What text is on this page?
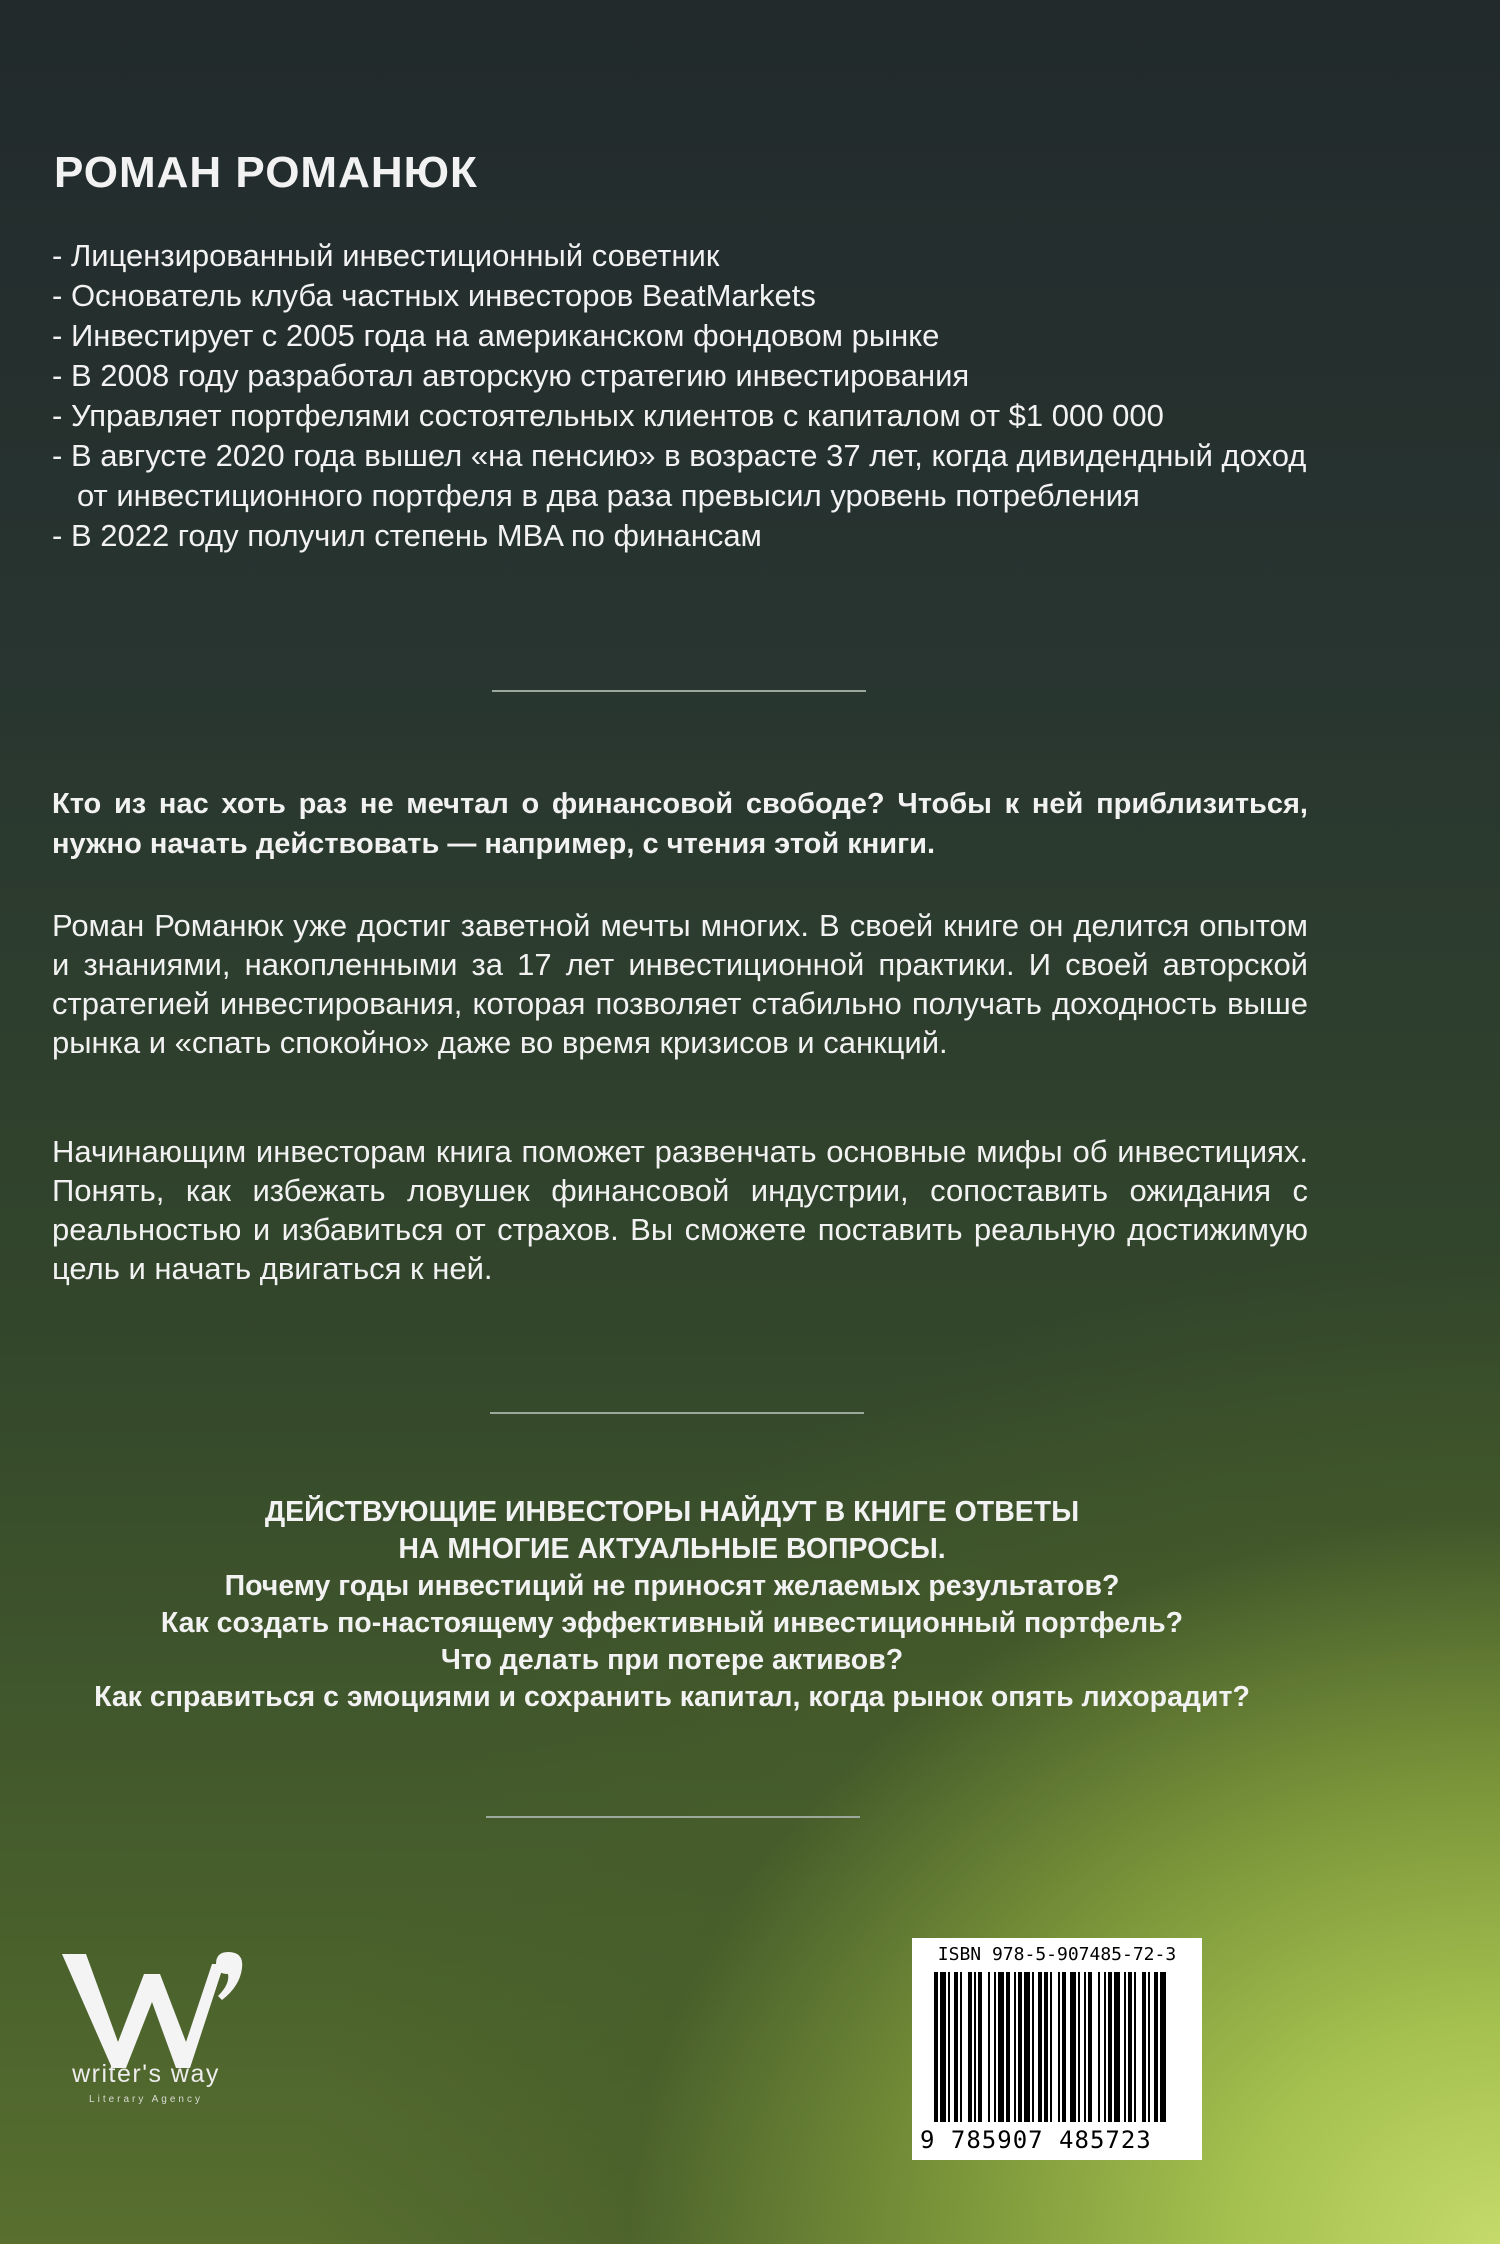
РОМАН РОМАНЮК
- Лицензированный инвестиционный советник
- Основатель клуба частных инвесторов BeatMarkets
- Инвестирует с 2005 года на американском фондовом рынке
- В 2008 году разработал авторскую стратегию инвестирования
- Управляет портфелями состоятельных клиентов с капиталом от $1 000 000
- В августе 2020 года вышел «на пенсию» в возрасте 37 лет, когда дивидендный доход от инвестиционного портфеля в два раза превысил уровень потребления
- В 2022 году получил степень MBA по финансам

Кто из нас хоть раз не мечтал о финансовой свободе? Чтобы к ней приблизиться, нужно начать действовать — например, с чтения этой книги.

Роман Романюк уже достиг заветной мечты многих. В своей книге он делится опытом и знаниями, накопленными за 17 лет инвестиционной практики. И своей авторской стратегией инвестирования, которая позволяет стабильно получать доходность выше рынка и «спать спокойно» даже во время кризисов и санкций.

Начинающим инвесторам книга поможет развенчать основные мифы об инвестициях. Понять, как избежать ловушек финансовой индустрии, сопоставить ожидания с реальностью и избавиться от страхов. Вы сможете поставить реальную достижимую цель и начать двигаться к ней.

ДЕЙСТВУЮЩИЕ ИНВЕСТОРЫ НАЙДУТ В КНИГЕ ОТВЕТЫ
НА МНОГИЕ АКТУАЛЬНЫЕ ВОПРОСЫ.
Почему годы инвестиций не приносят желаемых результатов?
Как создать по-настоящему эффективный инвестиционный портфель?
Что делать при потере активов?
Как справиться с эмоциями и сохранить капитал, когда рынок опять лихорадит?
writer's way
Literary Agency
ISBN 978-5-907485-72-3
9 785907 485723
